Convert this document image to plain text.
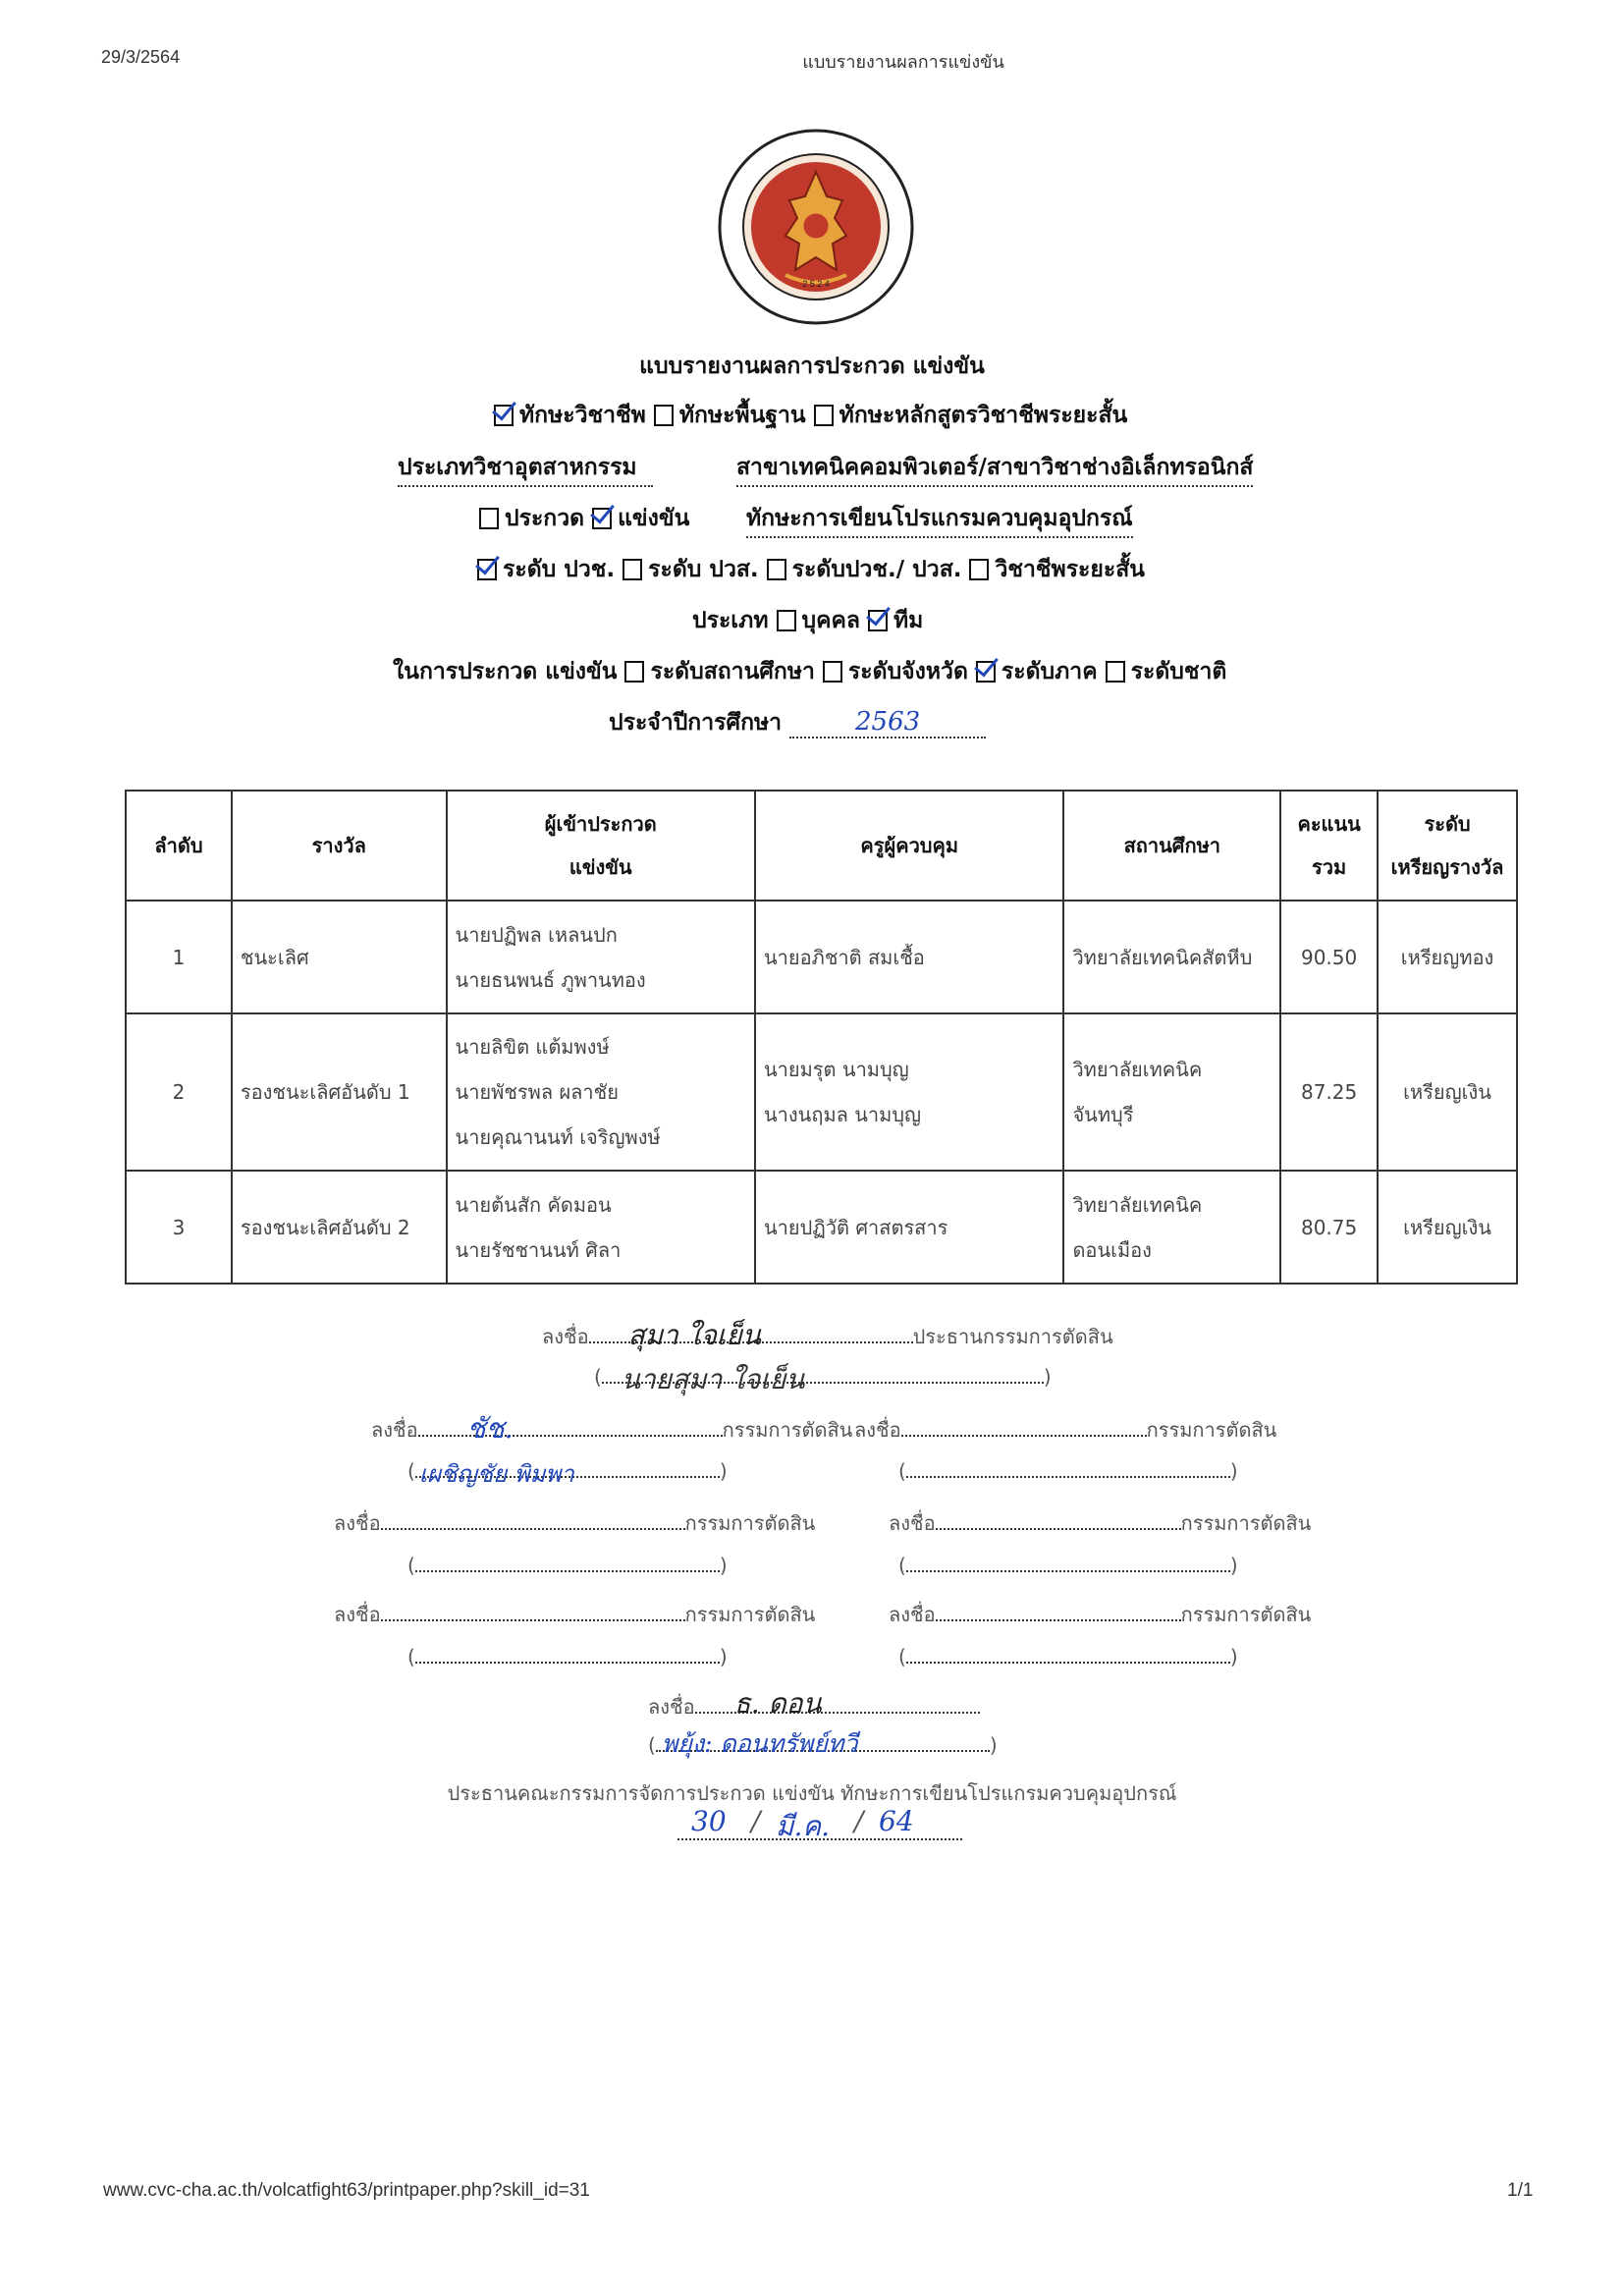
29/3/2564	แบบรายงานผลการแข่งขัน
2 5 2 4
แบบรายงานผลการประกวด แข่งขัน
ทักษะวิชาชีพ ทักษะพื้นฐาน ทักษะหลักสูตรวิชาชีพระยะสั้น
ประเภทวิชาอุตสาหกรรม	สาขาเทคนิคคอมพิวเตอร์/สาขาวิชาช่างอิเล็กทรอนิกส์
ประกวด แข่งขัน	ทักษะการเขียนโปรแกรมควบคุมอุปกรณ์
ระดับ ปวช. ระดับ ปวส. ระดับปวช./ ปวส. วิชาชีพระยะสั้น
ประเภท บุคคล ทีม
ในการประกวด แข่งขัน ระดับสถานศึกษา ระดับจังหวัด ระดับภาค ระดับชาติ
ประจำปีการศึกษา	2563
ลำดับ	รางวัล	ผู้เข้าประกวด
แข่งขัน	ครูผู้ควบคุม	สถานศึกษา	คะแนน
รวม	ระดับ
เหรียญรางวัล
1	ชนะเลิศ	นายปฏิพล เหลนปก
นายธนพนธ์ ภูพานทอง	นายอภิชาติ สมเชื้อ	วิทยาลัยเทคนิคสัตหีบ	90.50	เหรียญทอง
2	รองชนะเลิศอันดับ 1	นายลิขิต แต้มพงษ์
นายพัชรพล ผลาชัย
นายคุณานนท์ เจริญพงษ์	นายมรุต นามบุญ
นางนฤมล นามบุญ	วิทยาลัยเทคนิค
จันทบุรี	87.25	เหรียญเงิน
3	รองชนะเลิศอันดับ 2	นายต้นสัก คัดมอน
นายรัชชานนท์ ศิลา	นายปฏิวัติ ศาสตรสาร	วิทยาลัยเทคนิค
ดอนเมือง	80.75	เหรียญเงิน
ลงชื่อ สุมา ใจเย็น	ประธานกรรมการตัดสิน
( นายสุมา ใจเย็น	)
ลงชื่อ ชัช.	กรรมการตัดสิน
( เผชิญชัย พิมพา	)
ลงชื่อ	กรรมการตัดสิน
(	)
ลงชื่อ	กรรมการตัดสิน
(	)
ลงชื่อ	กรรมการตัดสิน
(	)
ลงชื่อ	กรรมการตัดสิน
(	)
ลงชื่อ	กรรมการตัดสิน
(	)
ลงชื่อ ธ. ดอน
( พยุ้ง: ดอนทรัพย์ทวี	)
ประธานคณะกรรมการจัดการประกวด แข่งขัน ทักษะการเขียนโปรแกรมควบคุมอุปกรณ์
30 / มี.ค. / 64
www.cvc-cha.ac.th/volcatfight63/printpaper.php?skill_id=31	1/1
